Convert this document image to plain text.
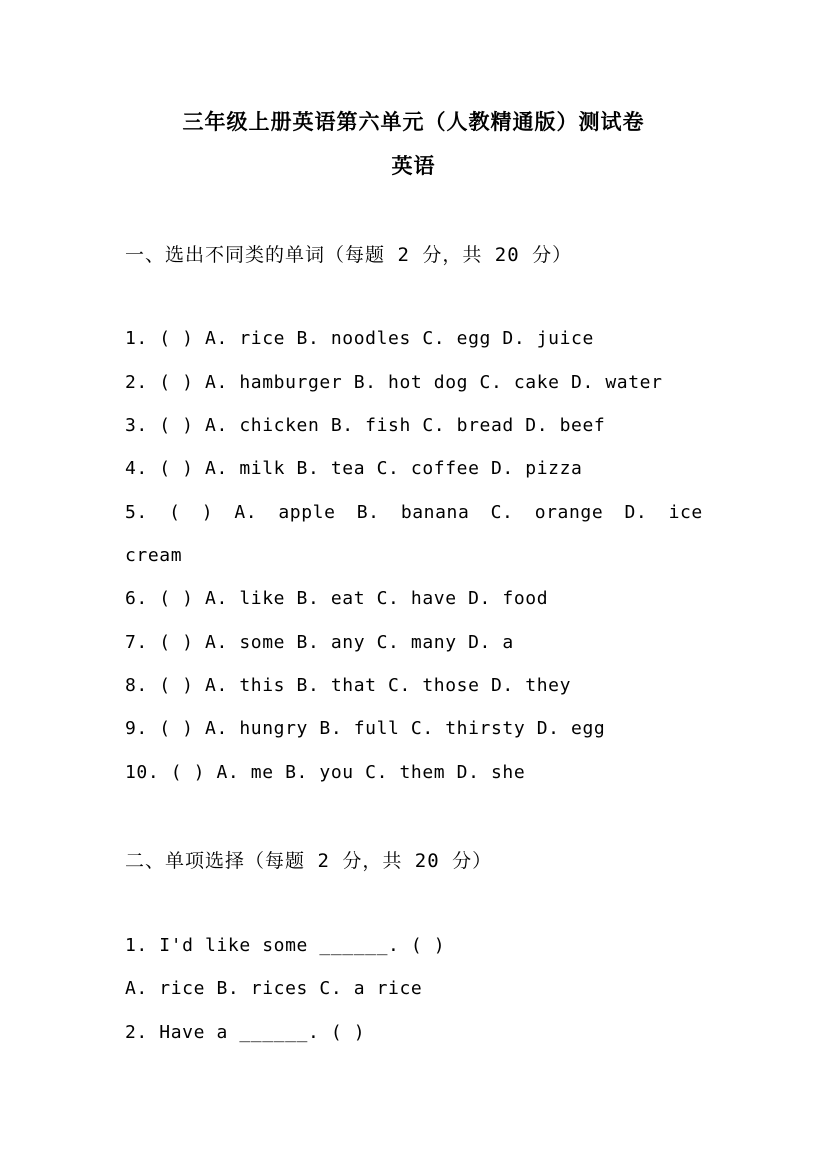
三年级上册英语第六单元（人教精通版）测试卷
英语
一、选出不同类的单词（每题 2 分，共 20 分）
1. ( ) A. rice B. noodles C. egg D. juice
2. ( ) A. hamburger B. hot dog C. cake D. water
3. ( ) A. chicken B. fish C. bread D. beef
4. ( ) A. milk B. tea C. coffee D. pizza
5. ( ) A. apple B. banana C. orange D. ice
cream
6. ( ) A. like B. eat C. have D. food
7. ( ) A. some B. any C. many D. a
8. ( ) A. this B. that C. those D. they
9. ( ) A. hungry B. full C. thirsty D. egg
10. ( ) A. me B. you C. them D. she
二、单项选择（每题 2 分，共 20 分）
1. I'd like some ______. ( )
A. rice B. rices C. a rice
2. Have a ______. ( )
